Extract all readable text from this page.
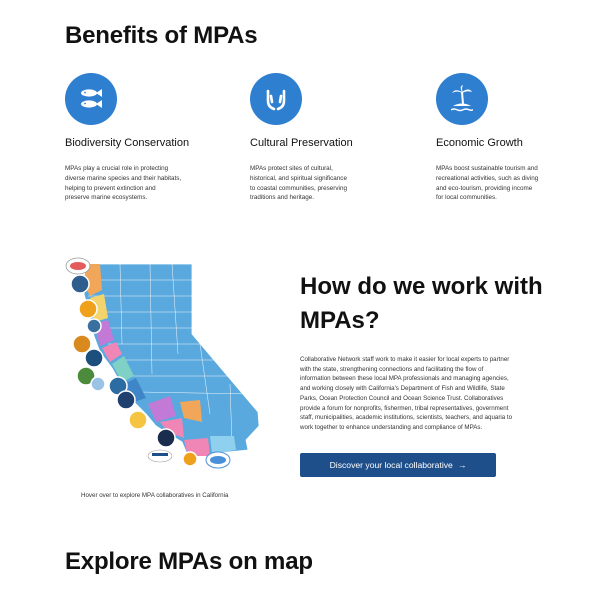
Benefits of MPAs
Biodiversity Conservation
MPAs play a crucial role in protecting
diverse marine species and their habitats,
helping to prevent extinction and
preserve marine ecosystems.
Cultural Preservation
MPAs protect sites of cultural,
historical, and spiritual significance
to coastal communities, preserving
traditions and heritage.
Economic Growth
MPAs boost sustainable tourism and
recreational activities, such as diving
and eco-tourism, providing income
for local communities.
Hover over to explore MPA collaboratives in California
How do we work with
MPAs?
Collaborative Network staff work to make it easier for local experts to partner
with the state, strengthening connections and facilitating the flow of
information between these local MPA professionals and managing agencies,
and working closely with California's Department of Fish and Wildlife, State
Parks, Ocean Protection Council and Ocean Science Trust. Collaboratives
provide a forum for nonprofits, fishermen, tribal representatives, government
staff, municipalities, academic institutions, scientists, teachers, and aquaria to
work together to enhance understanding and compliance of MPAs.
Discover your local collaborative →
Explore MPAs on map
